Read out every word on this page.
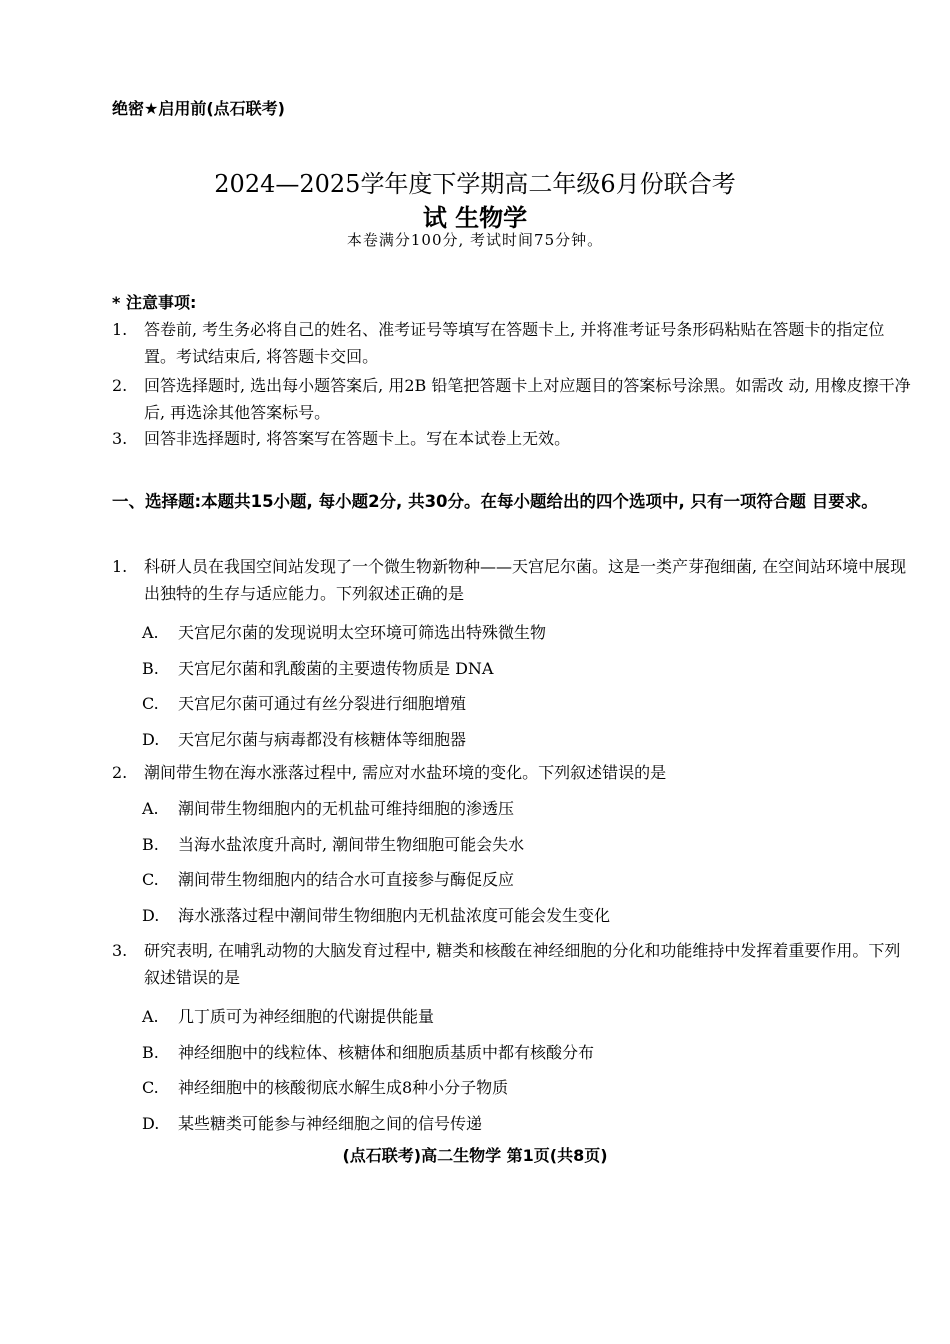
绝密★启用前(点石联考)
2024—2025学年度下学期高二年级6月份联合考
试 生物学
本卷满分100分, 考试时间75分钟。
* 注意事项:
1. 答卷前, 考生务必将自己的姓名、准考证号等填写在答题卡上, 并将准考证号条形码粘贴在答题卡的指定位置。考试结束后, 将答题卡交回。
2. 回答选择题时, 选出每小题答案后, 用2B 铅笔把答题卡上对应题目的答案标号涂黑。如需改 动, 用橡皮擦干净后, 再选涂其他答案标号。
3. 回答非选择题时, 将答案写在答题卡上。写在本试卷上无效。
一、选择题:本题共15小题, 每小题2分, 共30分。在每小题给出的四个选项中, 只有一项符合题 目要求。
1. 科研人员在我国空间站发现了一个微生物新物种——天宫尼尔菌。这是一类产芽孢细菌, 在空间站环境中展现出独特的生存与适应能力。下列叙述正确的是
A. 天宫尼尔菌的发现说明太空环境可筛选出特殊微生物
B. 天宫尼尔菌和乳酸菌的主要遗传物质是 DNA
C. 天宫尼尔菌可通过有丝分裂进行细胞增殖
D. 天宫尼尔菌与病毒都没有核糖体等细胞器
2. 潮间带生物在海水涨落过程中, 需应对水盐环境的变化。下列叙述错误的是
A. 潮间带生物细胞内的无机盐可维持细胞的渗透压
B. 当海水盐浓度升高时, 潮间带生物细胞可能会失水
C. 潮间带生物细胞内的结合水可直接参与酶促反应
D. 海水涨落过程中潮间带生物细胞内无机盐浓度可能会发生变化
3. 研究表明, 在哺乳动物的大脑发育过程中, 糖类和核酸在神经细胞的分化和功能维持中发挥着重要作用。下列叙述错误的是
A. 几丁质可为神经细胞的代谢提供能量
B. 神经细胞中的线粒体、核糖体和细胞质基质中都有核酸分布
C. 神经细胞中的核酸彻底水解生成8种小分子物质
D. 某些糖类可能参与神经细胞之间的信号传递
(点石联考)高二生物学 第1页(共8页)
